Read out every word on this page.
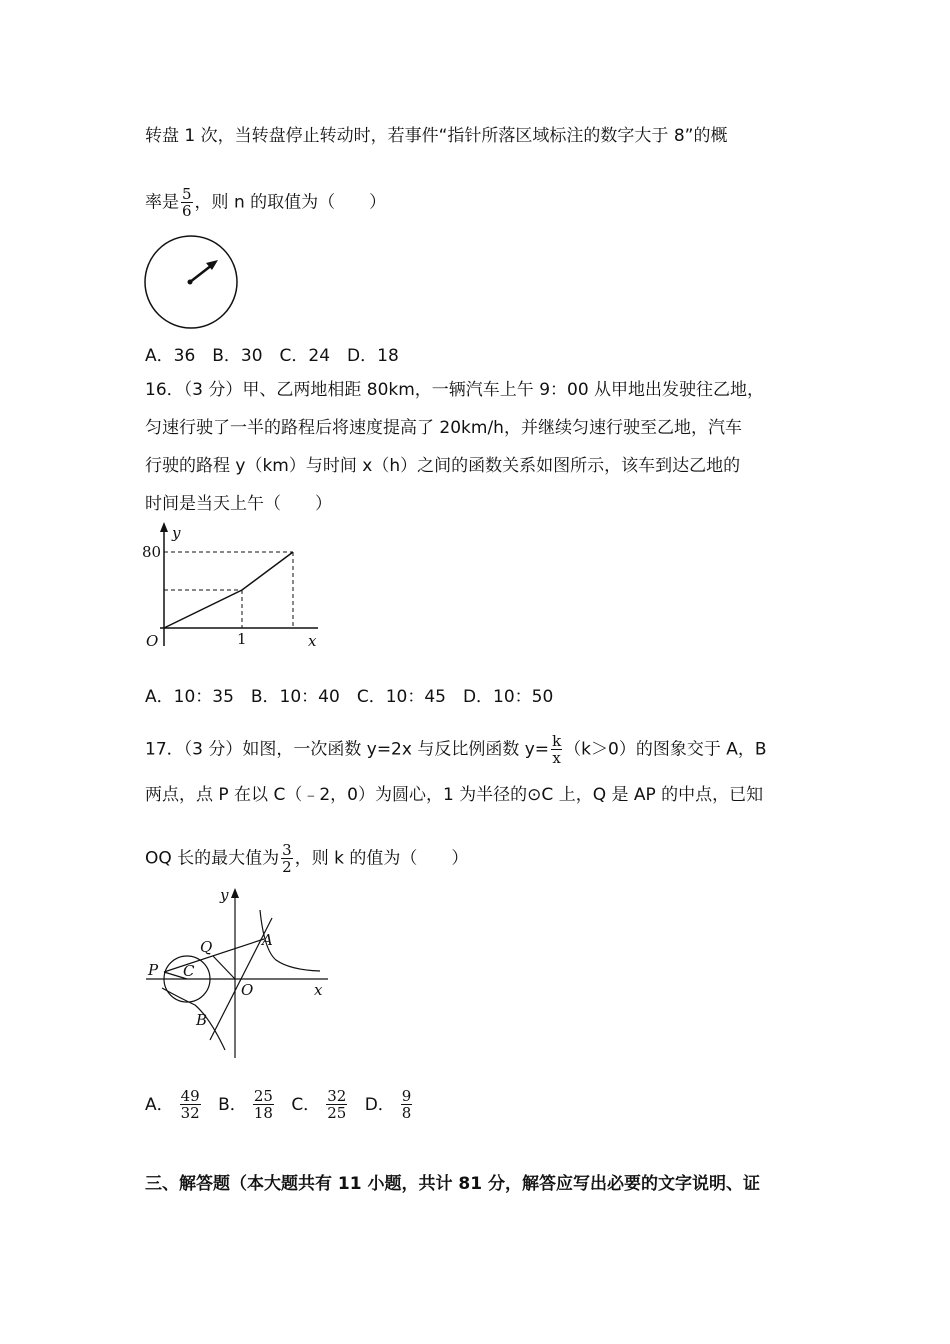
转盘 1 次，当转盘停止转动时，若事件“指针所落区域标注的数字大于 8”的概
率是 $\frac{5}{6}$ ，则 n 的取值为（　　）
A．36　B．30　C．24　D．18
16．（3 分）甲、乙两地相距 80km，一辆汽车上午 9：00 从甲地出发驶往乙地，
匀速行驶了一半的路程后将速度提高了 20km/h，并继续匀速行驶至乙地，汽车
行驶的路程 y（km）与时间 x（h）之间的函数关系如图所示，该车到达乙地的
时间是当天上午（　　）
y
x
O
80
1
A．10：35　B．10：40　C．10：45　D．10：50
17．（3 分）如图，一次函数 y=2x 与反比例函数 $y= \frac{k}{x} (k>0)$的图象交于 A，B
两点，点 P 在以 C（﹣2，0）为圆心，1 为半径的⊙C 上，Q 是 AP 的中点，已知
OQ 长的最大值为 $\frac{3}{2}$ ，则 k 的值为（　　）
y
x
O
A
B
C
P
Q
A． $\frac{49}{32}$ B． $\frac{25}{18}$ C． $\frac{32}{25}$ D． $\frac{9}{8}$
三、解答题（本大题共有 11 小题，共计 81 分，解答应写出必要的文字说明、证
